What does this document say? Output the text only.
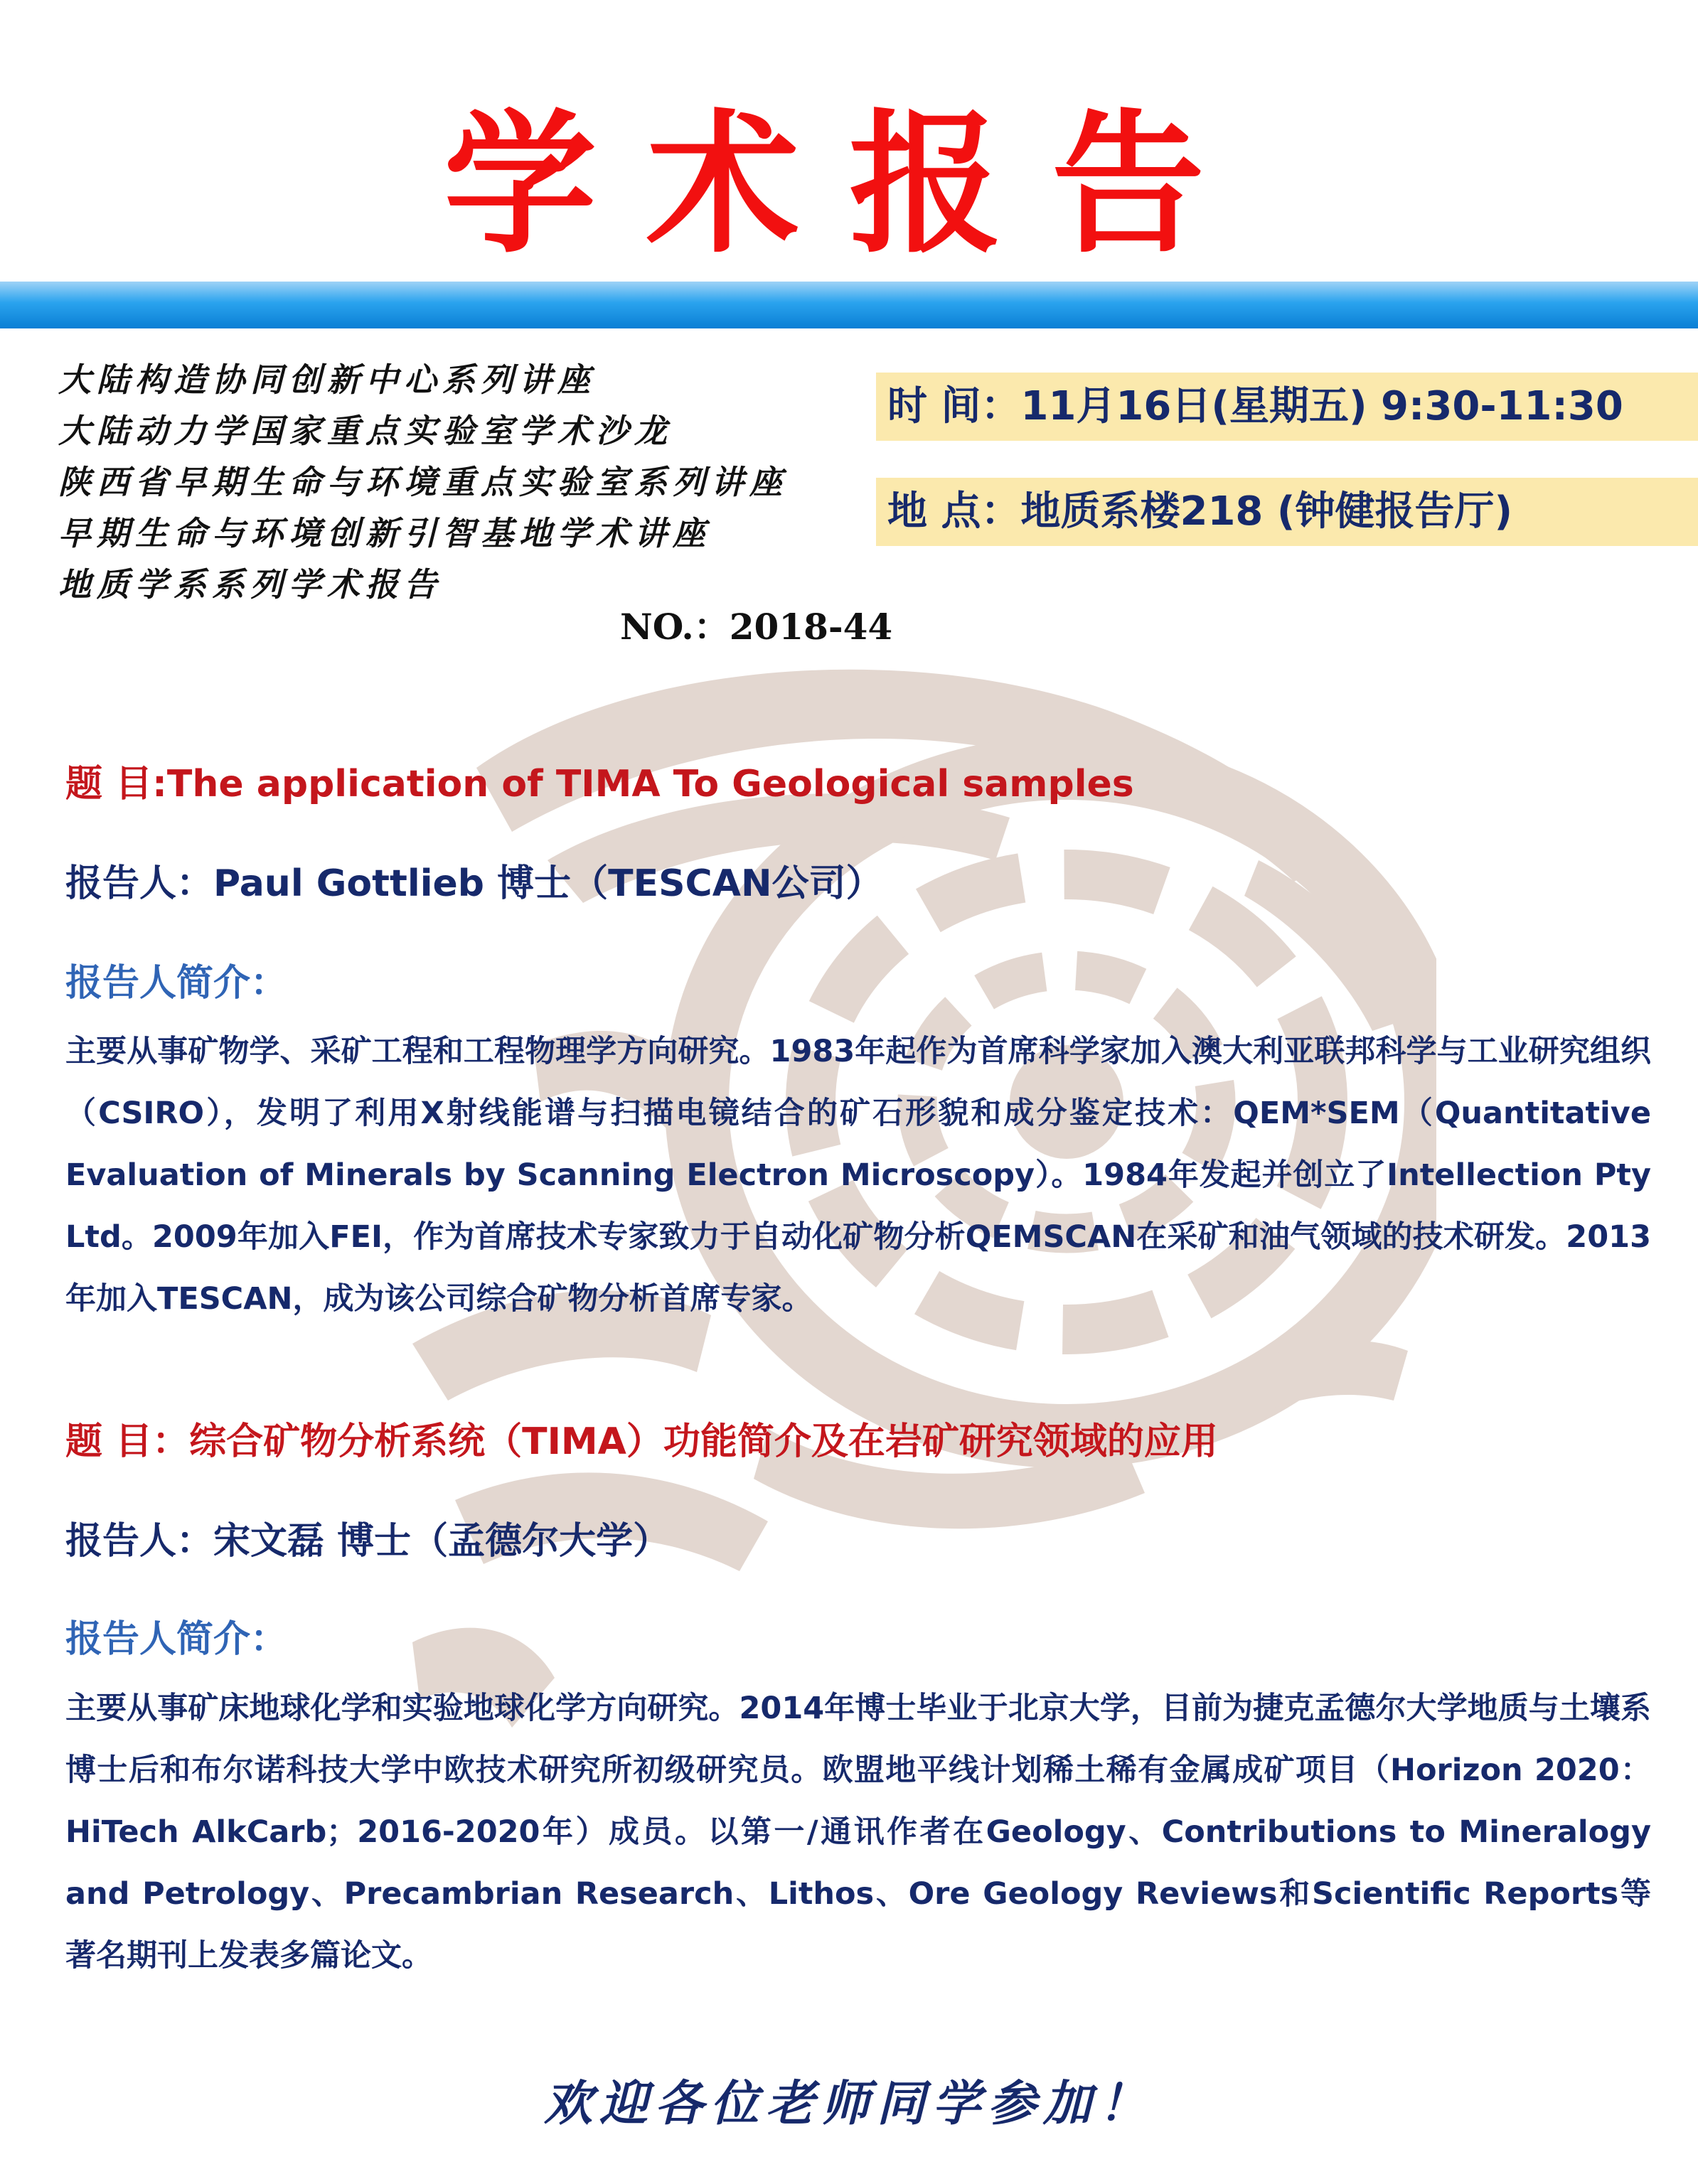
学术报告
大陆构造协同创新中心系列讲座
大陆动力学国家重点实验室学术沙龙
陕西省早期生命与环境重点实验室系列讲座
早期生命与环境创新引智基地学术讲座
地质学系系列学术报告
时 间：11月16日(星期五) 9:30-11:30
地 点：地质系楼218 (钟健报告厅)
NO.：2018-44
题 目:The application of TIMA To Geological samples
报告人：Paul Gottlieb 博士（TESCAN公司）
报告人简介：
主要从事矿物学、采矿工程和工程物理学方向研究。1983年起作为首席科学家加入澳大利亚联邦科学与工业研究组织（CSIRO），发明了利用X射线能谱与扫描电镜结合的矿石形貌和成分鉴定技术：QEM*SEM（Quantitative Evaluation of Minerals by Scanning Electron Microscopy）。1984年发起并创立了Intellection Pty Ltd。2009年加入FEI，作为首席技术专家致力于自动化矿物分析QEMSCAN在采矿和油气领域的技术研发。2013年加入TESCAN，成为该公司综合矿物分析首席专家。
题 目：综合矿物分析系统（TIMA）功能简介及在岩矿研究领域的应用
报告人：宋文磊 博士（孟德尔大学）
报告人简介：
主要从事矿床地球化学和实验地球化学方向研究。2014年博士毕业于北京大学，目前为捷克孟德尔大学地质与土壤系博士后和布尔诺科技大学中欧技术研究所初级研究员。欧盟地平线计划稀土稀有金属成矿项目（Horizon 2020：HiTech AlkCarb；2016-2020年）成员。以第一/通讯作者在Geology、Contributions to Mineralogy and Petrology、Precambrian Research、Lithos、Ore Geology Reviews和Scientific Reports等著名期刊上发表多篇论文。
欢迎各位老师同学参加！
